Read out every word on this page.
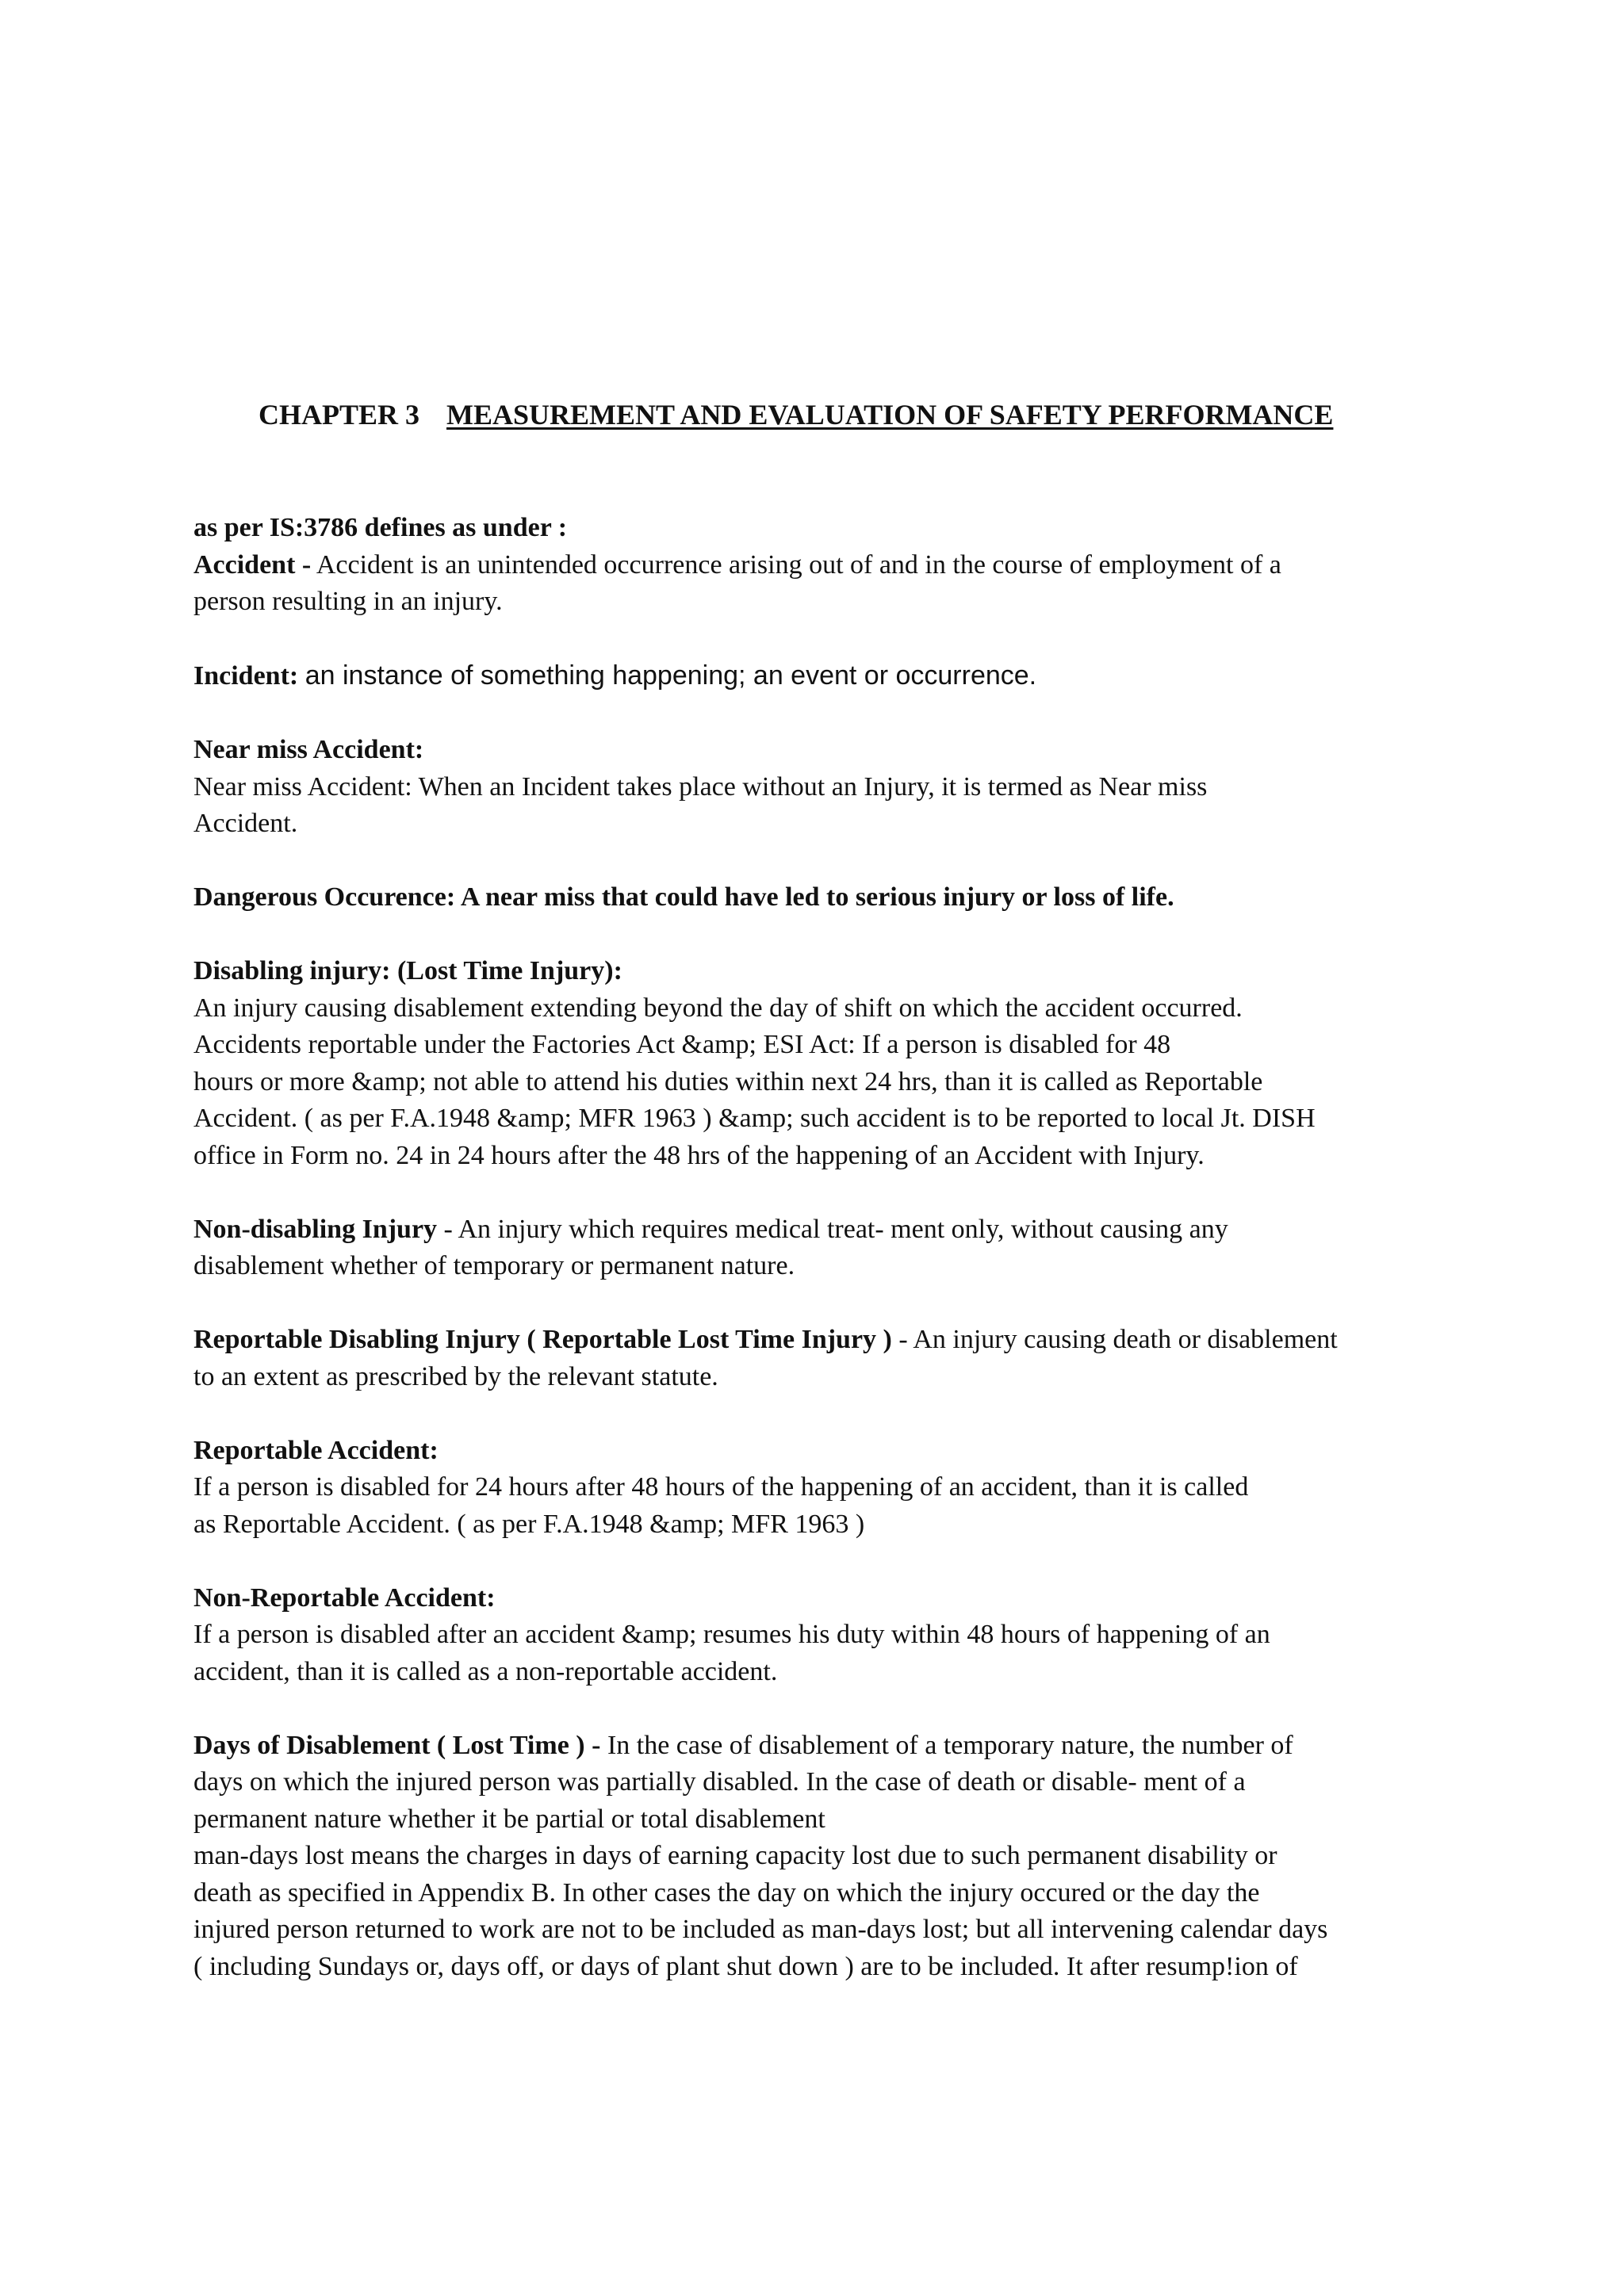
CHAPTER 3 MEASUREMENT AND EVALUATION OF SAFETY PERFORMANCE
as per IS:3786 defines as under :
Accident - Accident is an unintended occurrence arising out of and in the course of employment of a
person resulting in an injury.
Incident: an instance of something happening; an event or occurrence.
Near miss Accident:
Near miss Accident: When an Incident takes place without an Injury, it is termed as Near miss
Accident.
Dangerous Occurence: A near miss that could have led to serious injury or loss of life.
Disabling injury: (Lost Time Injury):
An injury causing disablement extending beyond the day of shift on which the accident occurred.
Accidents reportable under the Factories Act &amp; ESI Act: If a person is disabled for 48
hours or more &amp; not able to attend his duties within next 24 hrs, than it is called as Reportable
Accident. ( as per F.A.1948 &amp; MFR 1963 ) &amp; such accident is to be reported to local Jt. DISH
office in Form no. 24 in 24 hours after the 48 hrs of the happening of an Accident with Injury.
Non-disabling Injury - An injury which requires medical treat- ment only, without causing any
disablement whether of temporary or permanent nature.
Reportable Disabling Injury ( Reportable Lost Time Injury ) - An injury causing death or disablement
to an extent as prescribed by the relevant statute.
Reportable Accident:
If a person is disabled for 24 hours after 48 hours of the happening of an accident, than it is called
as Reportable Accident. ( as per F.A.1948 &amp; MFR 1963 )
Non-Reportable Accident:
If a person is disabled after an accident &amp; resumes his duty within 48 hours of happening of an
accident, than it is called as a non-reportable accident.
Days of Disablement ( Lost Time ) - In the case of disablement of a temporary nature, the number of
days on which the injured person was partially disabled. In the case of death or disable- ment of a
permanent nature whether it be partial or total disablement
man-days lost means the charges in days of earning capacity lost due to such permanent disability or
death as specified in Appendix B. In other cases the day on which the injury occured or the day the
injured person returned to work are not to be included as man-days lost; but all intervening calendar days
( including Sundays or, days off, or days of plant shut down ) are to be included. It after resump!ion of
